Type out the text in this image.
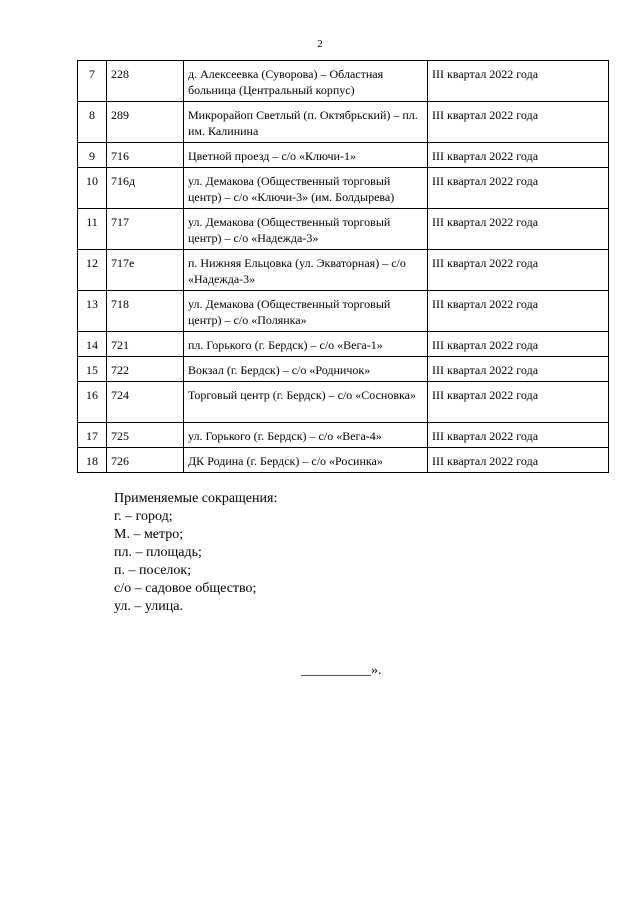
2
7	228	д. Алексеевка (Суворова) – Областная больница (Центральный корпус)	III квартал 2022 года
8	289	Микрорайоп Светлый (п. Октябрьский) – пл. им. Калинина	III квартал 2022 года
9	716	Цветной проезд – с/о «Ключи-1»	III квартал 2022 года
10	716д	ул. Демакова (Общественный торговый центр) – с/о «Ключи-3» (им. Болдырева)	III квартал 2022 года
11	717	ул. Демакова (Общественный торговый центр) – с/о «Надежда-3»	III квартал 2022 года
12	717е	п. Нижняя Ельцовка (ул. Экваторная) – с/о «Надежда-3»	III квартал 2022 года
13	718	ул. Демакова (Общественный торговый центр) – с/о «Полянка»	III квартал 2022 года
14	721	пл. Горького (г. Бердск) – с/о «Вега-1»	III квартал 2022 года
15	722	Вокзал (г. Бердск) – с/о «Родничок»	III квартал 2022 года
16	724	Торговый центр (г. Бердск) – с/о «Сосновка»	III квартал 2022 года
17	725	ул. Горького (г. Бердск) – с/о «Вега-4»	III квартал 2022 года
18	726	ДК Родина (г. Бердск) – с/о «Росинка»	III квартал 2022 года
Применяемые сокращения:
г. – город;
М. – метро;
пл. – площадь;
п. – поселок;
с/о – садовое общество;
ул. – улица.
__________».
